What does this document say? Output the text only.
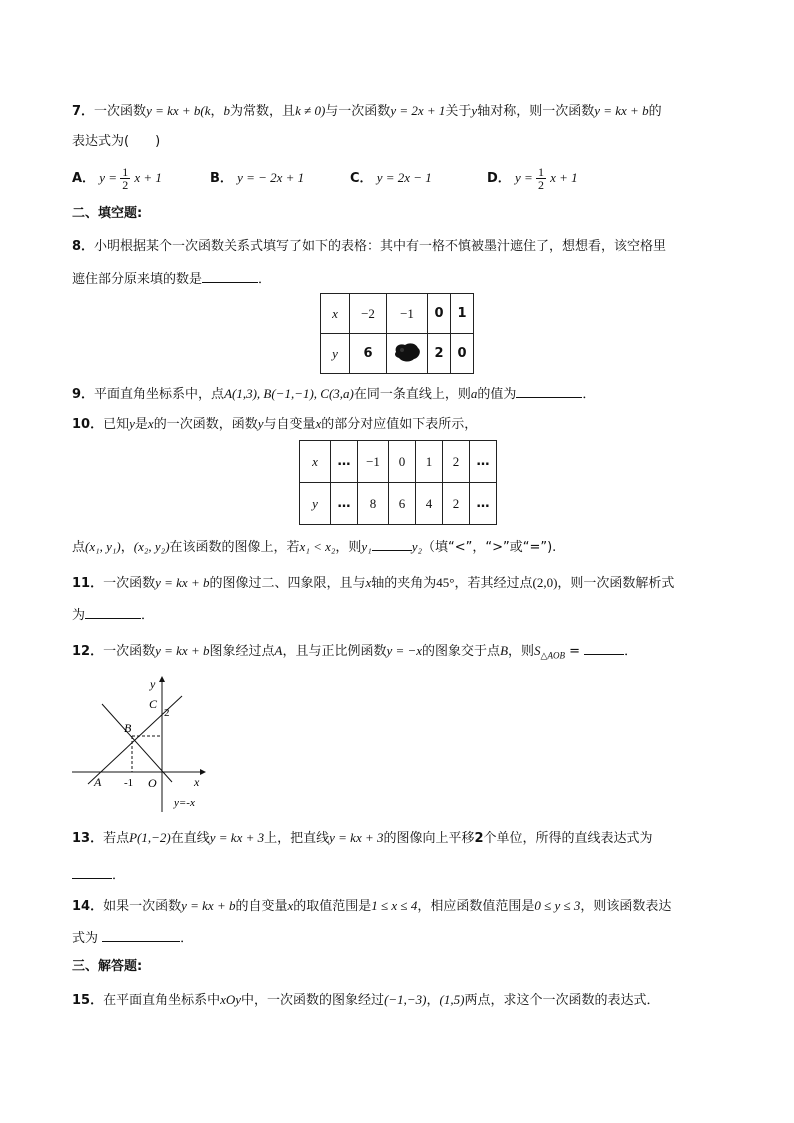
7．一次函数y = kx + b(k，b为常数，且k ≠ 0)与一次函数y = 2x + 1关于y轴对称，则一次函数y = kx + b的
表达式为(　　)
A． $y = \frac{1}{2}$ x + 1	B． y = − 2x + 1	C． y = 2x − 1	D． $y = \frac{1}{2}$ x + 1
二、填空题:
8．小明根据某个一次函数关系式填写了如下的表格：其中有一格不慎被墨汁遮住了，想想看，该空格里
遮住部分原来填的数是	．
x	−2	−1	0	1
y	6		2	0
9．平面直角坐标系中，点A(1,3), B(−1,−1), C(3,a)在同一条直线上，则a的值为	．
10．已知y是x的一次函数，函数y与自变量x的部分对应值如下表所示，
x	…	−1	0	1	2	…
y	…	8	6	4	2	…
点(x₁, y₁)，(x₂, y₂)在该函数的图像上，若x₁ < x₂，则y₁	y₂（填“<”，“>”或“=”).
11．一次函数y = kx + b的图像过二、四象限，且与x轴的夹角为45°，若其经过点(2,0)，则一次函数解析式
为	．
12．一次函数y = kx + b图象经过点A，且与正比例函数y = −x的图象交于点B，则$S_{\triangle AOB}$ =	．
y
x
C
2
B
A -1 O
y=-x
13．若点P(1,−2)在直线y = kx + 3上，把直线y = kx + 3的图像向上平移2个单位，所得的直线表达式为
．
14．如果一次函数y = kx + b的自变量x的取值范围是1 ≤ x ≤ 4，相应函数值范围是0 ≤ y ≤ 3，则该函数表达
式为	．
三、解答题:
15．在平面直角坐标系中xOy中，一次函数的图象经过(−1,−3)，(1,5)两点，求这个一次函数的表达式．
